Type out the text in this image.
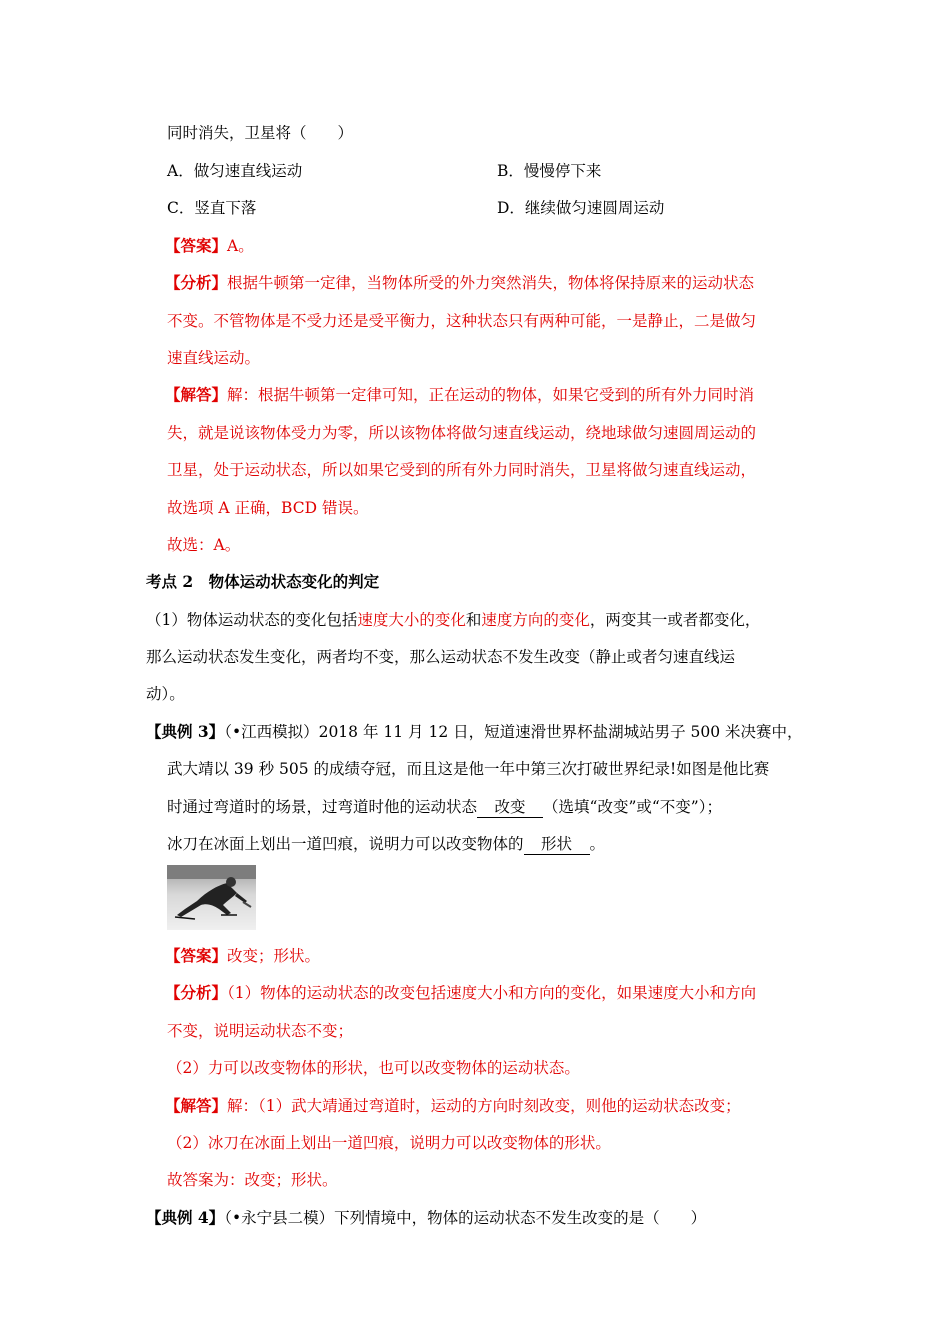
同时消失，卫星将（　　）
A．做匀速直线运动	B．慢慢停下来
C．竖直下落	D．继续做匀速圆周运动
【答案】A。
【分析】根据牛顿第一定律，当物体所受的外力突然消失，物体将保持原来的运动状态
不变。不管物体是不受力还是受平衡力，这种状态只有两种可能，一是静止，二是做匀
速直线运动。
【解答】解：根据牛顿第一定律可知，正在运动的物体，如果它受到的所有外力同时消
失，就是说该物体受力为零，所以该物体将做匀速直线运动，绕地球做匀速圆周运动的
卫星，处于运动状态，所以如果它受到的所有外力同时消失，卫星将做匀速直线运动，
故选项 A 正确，BCD 错误。
故选：A。
考点 2　物体运动状态变化的判定
（1）物体运动状态的变化包括速度大小的变化和速度方向的变化，两变其一或者都变化，
那么运动状态发生变化，两者均不变，那么运动状态不发生改变（静止或者匀速直线运
动）。
【典例 3】（•江西模拟）2018 年 11 月 12 日，短道速滑世界杯盐湖城站男子 500 米决赛中，
武大靖以 39 秒 505 的成绩夺冠，而且这是他一年中第三次打破世界纪录!如图是他比赛
时通过弯道时的场景，过弯道时他的运动状态 改变 （选填“改变”或“不变”）；
冰刀在冰面上划出一道凹痕，说明力可以改变物体的 形状 。
【答案】改变；形状。
【分析】（1）物体的运动状态的改变包括速度大小和方向的变化，如果速度大小和方向
不变，说明运动状态不变；
（2）力可以改变物体的形状，也可以改变物体的运动状态。
【解答】解：（1）武大靖通过弯道时，运动的方向时刻改变，则他的运动状态改变；
（2）冰刀在冰面上划出一道凹痕，说明力可以改变物体的形状。
故答案为：改变；形状。
【典例 4】（•永宁县二模）下列情境中，物体的运动状态不发生改变的是（　　）
